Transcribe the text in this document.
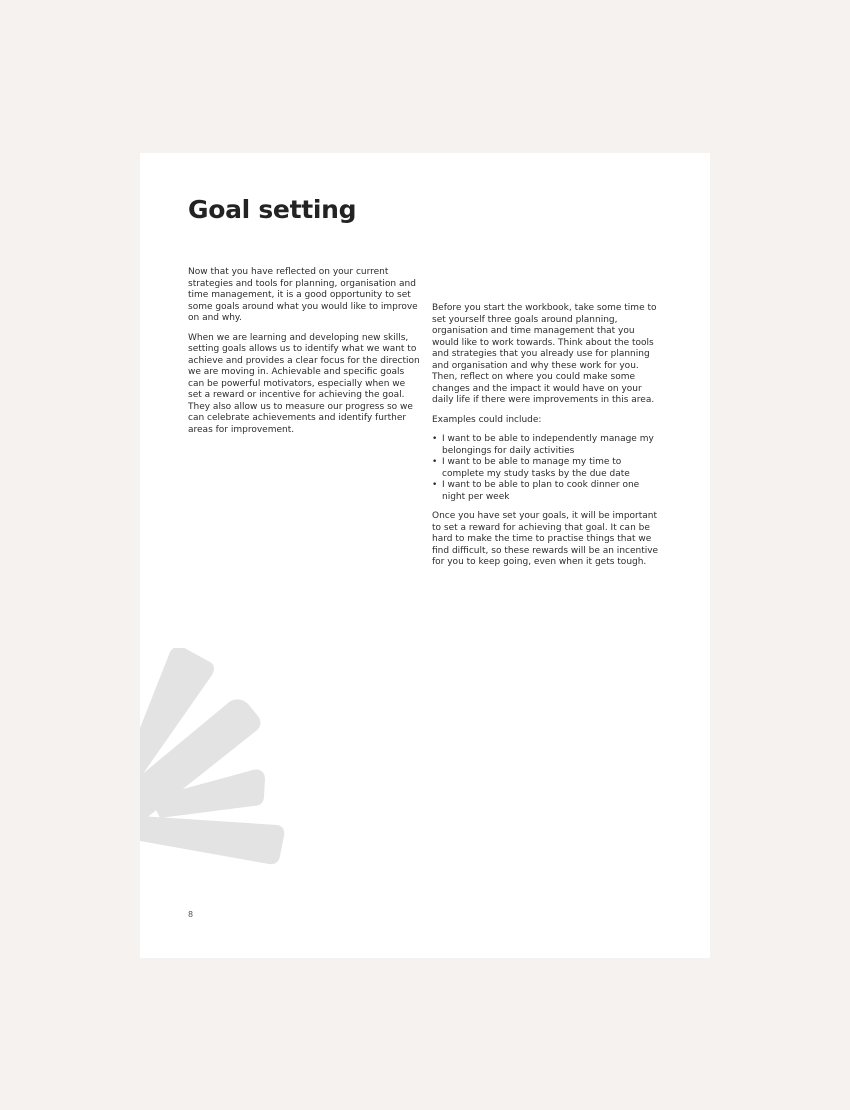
Goal setting

Now that you have reflected on your current strategies and tools for planning, organisation and time management, it is a good opportunity to set some goals around what you would like to improve on and why.

When we are learning and developing new skills, setting goals allows us to identify what we want to achieve and provides a clear focus for the direction we are moving in. Achievable and specific goals can be powerful motivators, especially when we set a reward or incentive for achieving the goal. They also allow us to measure our progress so we can celebrate achievements and identify further areas for improvement.

Before you start the workbook, take some time to set yourself three goals around planning, organisation and time management that you would like to work towards. Think about the tools and strategies that you already use for planning and organisation and why these work for you. Then, reflect on where you could make some changes and the impact it would have on your daily life if there were improvements in this area.

Examples could include:

• I want to be able to independently manage my belongings for daily activities
• I want to be able to manage my time to complete my study tasks by the due date
• I want to be able to plan to cook dinner one night per week

Once you have set your goals, it will be important to set a reward for achieving that goal. It can be hard to make the time to practise things that we find difficult, so these rewards will be an incentive for you to keep going, even when it gets tough.

8
